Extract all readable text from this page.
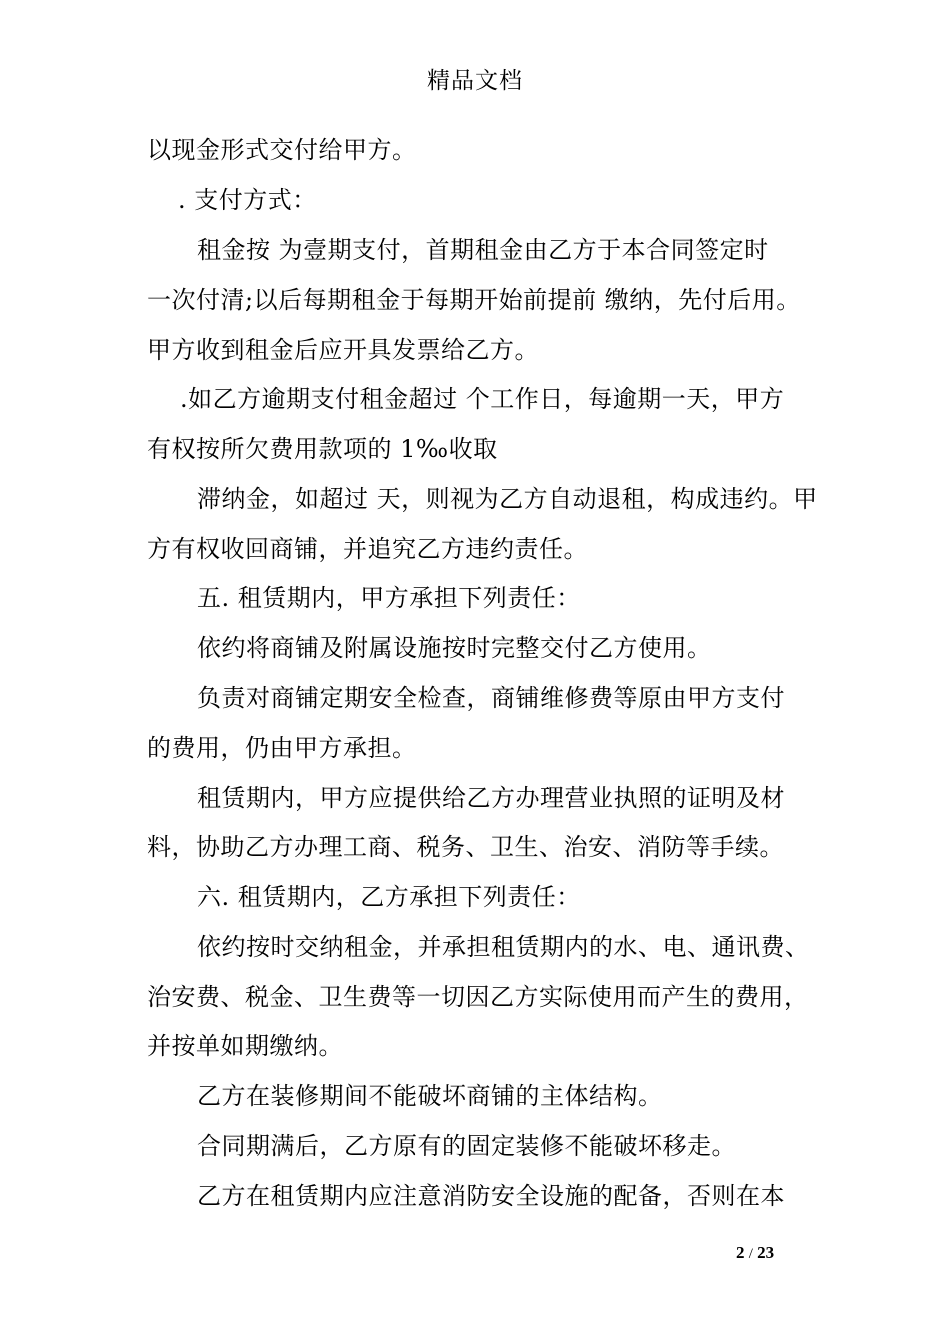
精品文档
以现金形式交付给甲方。
. 支付方式：
租金按 为壹期支付，首期租金由乙方于本合同签定时
一次付清;以后每期租金于每期开始前提前 缴纳，先付后用。
甲方收到租金后应开具发票给乙方。
.如乙方逾期支付租金超过 个工作日，每逾期一天，甲方
有权按所欠费用款项的 1‰收取
滞纳金，如超过 天，则视为乙方自动退租，构成违约。甲
方有权收回商铺，并追究乙方违约责任。
五. 租赁期内，甲方承担下列责任：
依约将商铺及附属设施按时完整交付乙方使用。
负责对商铺定期安全检查，商铺维修费等原由甲方支付
的费用，仍由甲方承担。
租赁期内，甲方应提供给乙方办理营业执照的证明及材
料，协助乙方办理工商、税务、卫生、治安、消防等手续。
六. 租赁期内，乙方承担下列责任：
依约按时交纳租金，并承担租赁期内的水、电、通讯费、
治安费、税金、卫生费等一切因乙方实际使用而产生的费用，
并按单如期缴纳。
乙方在装修期间不能破坏商铺的主体结构。
合同期满后，乙方原有的固定装修不能破坏移走。
乙方在租赁期内应注意消防安全设施的配备，否则在本
2 / 23
